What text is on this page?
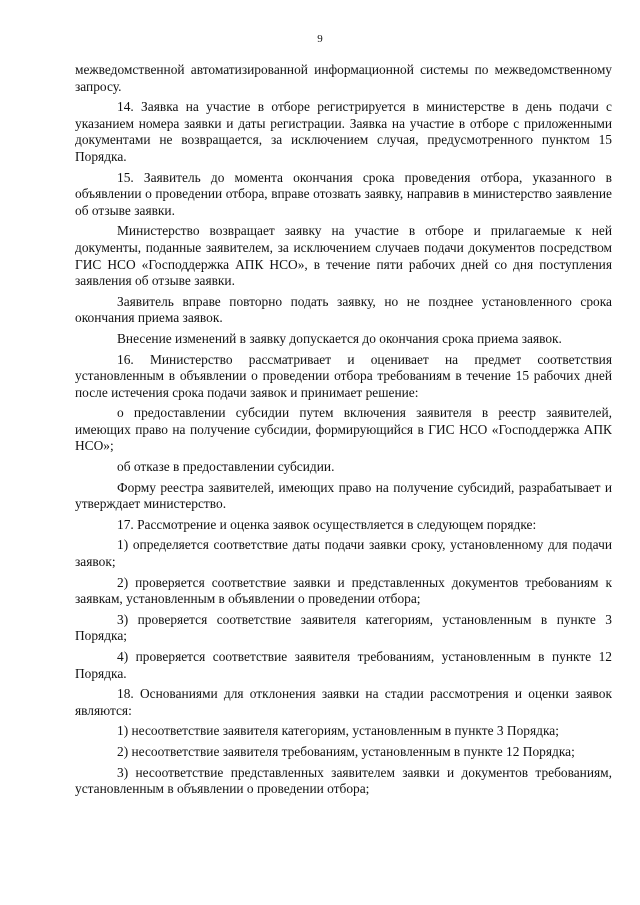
9

межведомственной автоматизированной информационной системы по межведомственному запросу.

14. Заявка на участие в отборе регистрируется в министерстве в день подачи с указанием номера заявки и даты регистрации. Заявка на участие в отборе с приложенными документами не возвращается, за исключением случая, предусмотренного пунктом 15 Порядка.

15. Заявитель до момента окончания срока проведения отбора, указанного в объявлении о проведении отбора, вправе отозвать заявку, направив в министерство заявление об отзыве заявки.

Министерство возвращает заявку на участие в отборе и прилагаемые к ней документы, поданные заявителем, за исключением случаев подачи документов посредством ГИС НСО «Господдержка АПК НСО», в течение пяти рабочих дней со дня поступления заявления об отзыве заявки.

Заявитель вправе повторно подать заявку, но не позднее установленного срока окончания приема заявок.

Внесение изменений в заявку допускается до окончания срока приема заявок.

16. Министерство рассматривает и оценивает на предмет соответствия установленным в объявлении о проведении отбора требованиям в течение 15 рабочих дней после истечения срока подачи заявок и принимает решение:

о предоставлении субсидии путем включения заявителя в реестр заявителей, имеющих право на получение субсидии, формирующийся в ГИС НСО «Господдержка АПК НСО»;

об отказе в предоставлении субсидии.

Форму реестра заявителей, имеющих право на получение субсидий, разрабатывает и утверждает министерство.

17. Рассмотрение и оценка заявок осуществляется в следующем порядке:

1) определяется соответствие даты подачи заявки сроку, установленному для подачи заявок;

2) проверяется соответствие заявки и представленных документов требованиям к заявкам, установленным в объявлении о проведении отбора;

3) проверяется соответствие заявителя категориям, установленным в пункте 3 Порядка;

4) проверяется соответствие заявителя требованиям, установленным в пункте 12 Порядка.

18. Основаниями для отклонения заявки на стадии рассмотрения и оценки заявок являются:

1) несоответствие заявителя категориям, установленным в пункте 3 Порядка;

2) несоответствие заявителя требованиям, установленным в пункте 12 Порядка;

3) несоответствие представленных заявителем заявки и документов требованиям, установленным в объявлении о проведении отбора;
